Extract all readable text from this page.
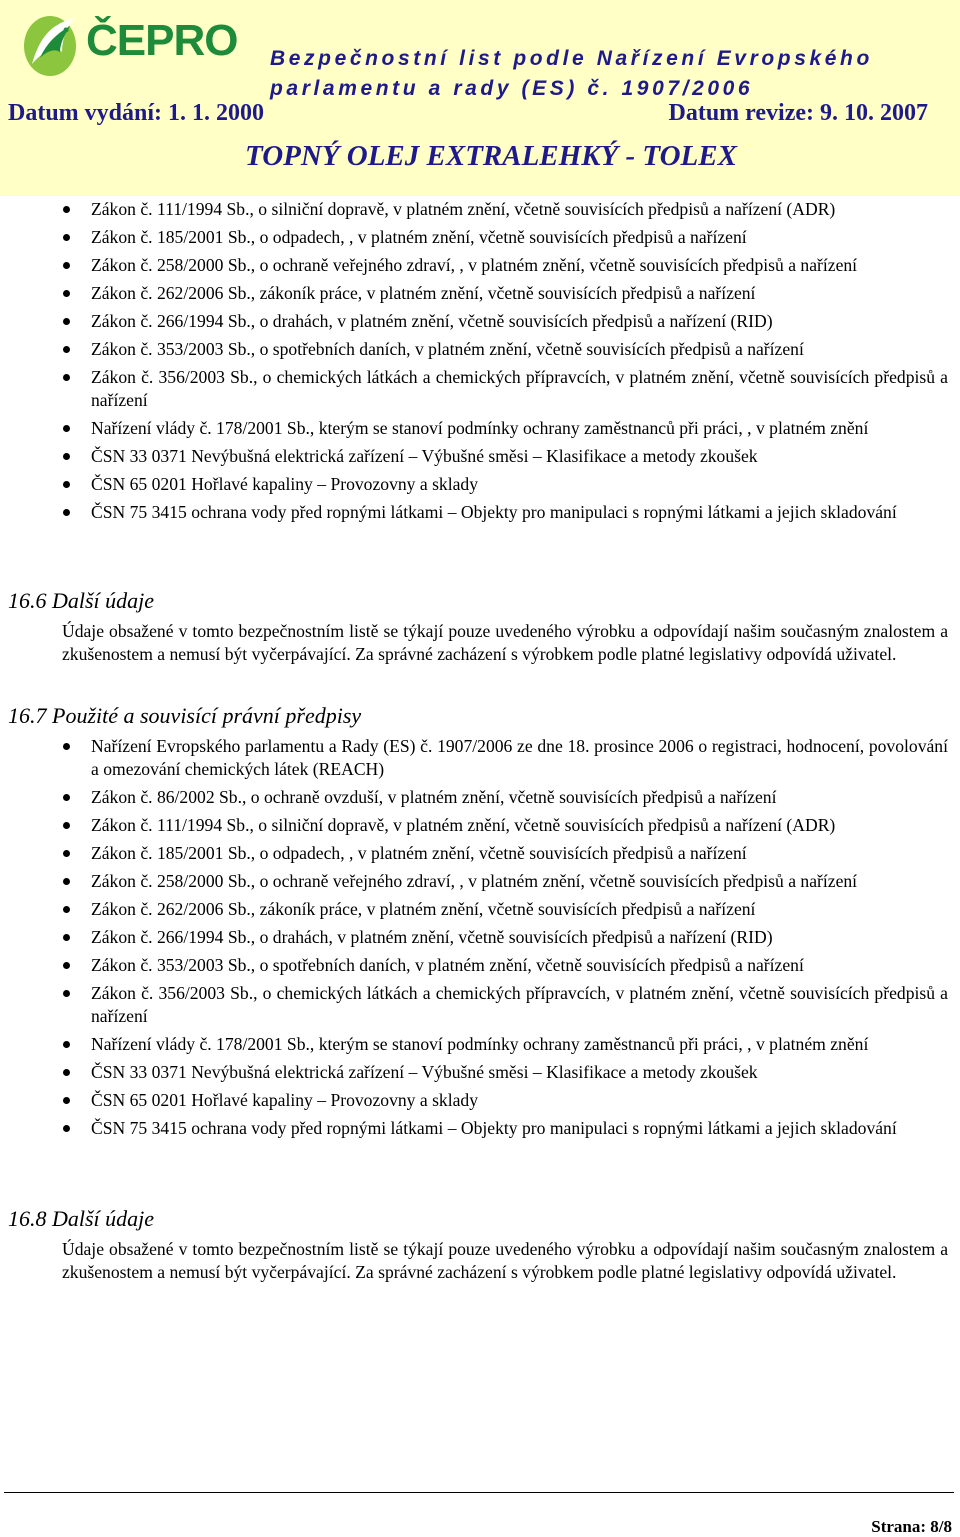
ČEPRO Bezpečnostní list podle Nařízení Evropského parlamentu a rady (ES) č. 1907/2006
Datum vydání: 1. 1. 2000	Datum revize: 9. 10. 2007
TOPNÝ OLEJ EXTRALEHKÝ - TOLEX
Zákon č. 111/1994 Sb., o silniční dopravě, v platném znění, včetně souvisících předpisů a nařízení (ADR)
Zákon č. 185/2001 Sb., o odpadech, , v platném znění, včetně souvisících předpisů a nařízení
Zákon č. 258/2000 Sb., o ochraně veřejného zdraví, , v platném znění, včetně souvisících předpisů a nařízení
Zákon č. 262/2006 Sb., zákoník práce, v platném znění, včetně souvisících předpisů a nařízení
Zákon č. 266/1994 Sb., o drahách, v platném znění, včetně souvisících předpisů a nařízení (RID)
Zákon č. 353/2003 Sb., o spotřebních daních, v platném znění, včetně souvisících předpisů a nařízení
Zákon č. 356/2003 Sb., o chemických látkách a chemických přípravcích, v platném znění, včetně souvisících předpisů a nařízení
Nařízení vlády č. 178/2001 Sb., kterým se stanoví podmínky ochrany zaměstnanců při práci, , v platném znění
ČSN 33 0371 Nevýbušná elektrická zařízení – Výbušné směsi – Klasifikace a metody zkoušek
ČSN 65 0201 Hořlavé kapaliny – Provozovny a sklady
ČSN 75 3415 ochrana vody před ropnými látkami – Objekty pro manipulaci s ropnými látkami a jejich skladování
16.6 Další údaje

Údaje obsažené v tomto bezpečnostním listě se týkají pouze uvedeného výrobku a odpovídají našim současným znalostem a zkušenostem a nemusí být vyčerpávající. Za správné zacházení s výrobkem podle platné legislativy odpovídá uživatel.

16.7 Použité a souvisící právní předpisy
Nařízení Evropského parlamentu a Rady (ES) č. 1907/2006 ze dne 18. prosince 2006 o registraci, hodnocení, povolování a omezování chemických látek (REACH)
Zákon č. 86/2002 Sb., o ochraně ovzduší, v platném znění, včetně souvisících předpisů a nařízení
Zákon č. 111/1994 Sb., o silniční dopravě, v platném znění, včetně souvisících předpisů a nařízení (ADR)
Zákon č. 185/2001 Sb., o odpadech, , v platném znění, včetně souvisících předpisů a nařízení
Zákon č. 258/2000 Sb., o ochraně veřejného zdraví, , v platném znění, včetně souvisících předpisů a nařízení
Zákon č. 262/2006 Sb., zákoník práce, v platném znění, včetně souvisících předpisů a nařízení
Zákon č. 266/1994 Sb., o drahách, v platném znění, včetně souvisících předpisů a nařízení (RID)
Zákon č. 353/2003 Sb., o spotřebních daních, v platném znění, včetně souvisících předpisů a nařízení
Zákon č. 356/2003 Sb., o chemických látkách a chemických přípravcích, v platném znění, včetně souvisících předpisů a nařízení
Nařízení vlády č. 178/2001 Sb., kterým se stanoví podmínky ochrany zaměstnanců při práci, , v platném znění
ČSN 33 0371 Nevýbušná elektrická zařízení – Výbušné směsi – Klasifikace a metody zkoušek
ČSN 65 0201 Hořlavé kapaliny – Provozovny a sklady
ČSN 75 3415 ochrana vody před ropnými látkami – Objekty pro manipulaci s ropnými látkami a jejich skladování
16.8 Další údaje

Údaje obsažené v tomto bezpečnostním listě se týkají pouze uvedeného výrobku a odpovídají našim současným znalostem a zkušenostem a nemusí být vyčerpávající. Za správné zacházení s výrobkem podle platné legislativy odpovídá uživatel.

Strana: 8/8
